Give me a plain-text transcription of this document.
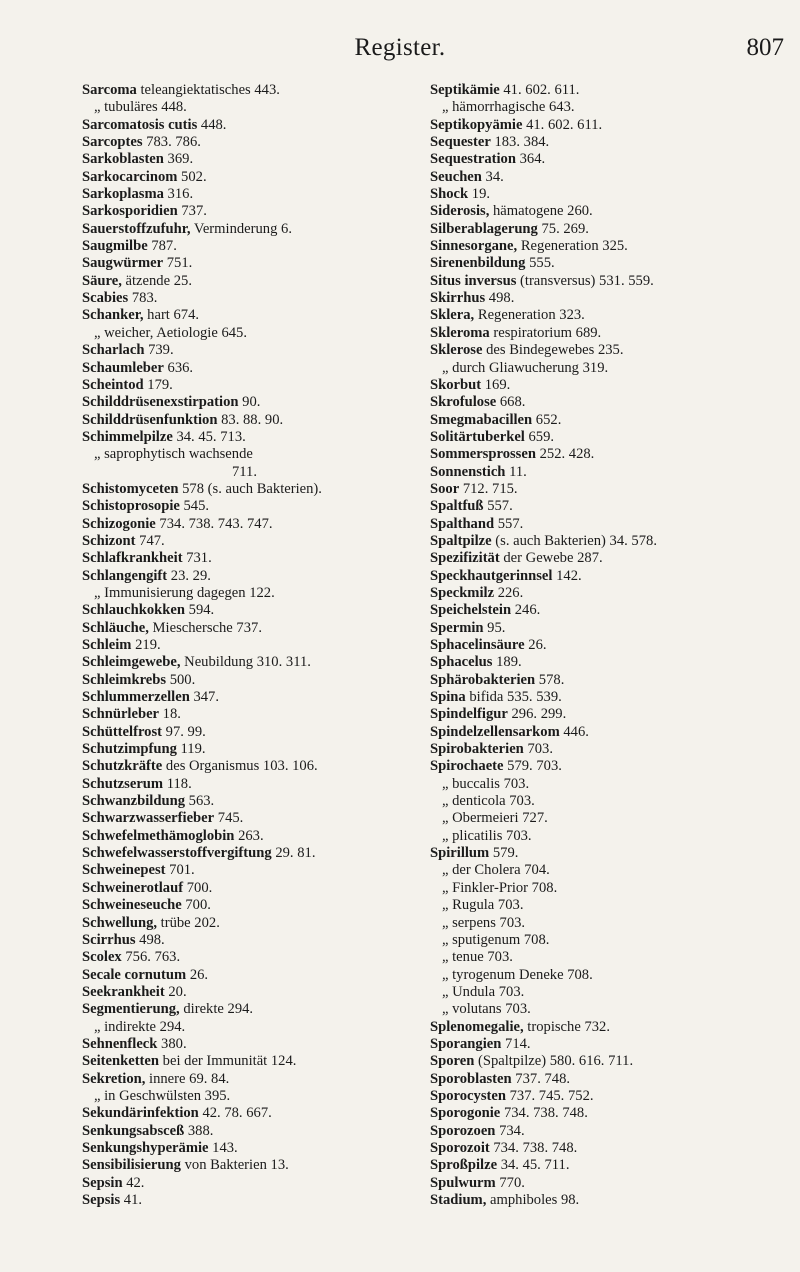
Register.	807
Sarcoma teleangiektatisches 443.
„ tubuläres 448.
Sarcomatosis cutis 448.
Sarcoptes 783. 786.
Sarkoblasten 369.
Sarkocarcinom 502.
Sarkoplasma 316.
Sarkosporidien 737.
Sauerstoffzufuhr, Verminderung 6.
Saugmilbe 787.
Saugwürmer 751.
Säure, ätzende 25.
Scabies 783.
Schanker, hart 674.
„ weicher, Aetiologie 645.
Scharlach 739.
Schaumleber 636.
Scheintod 179.
Schilddrüsenexstirpation 90.
Schilddrüsenfunktion 83. 88. 90.
Schimmelpilze 34. 45. 713.
„ saprophytisch wachsende
711.
Schistomyceten 578 (s. auch Bakterien).
Schistoprosopie 545.
Schizogonie 734. 738. 743. 747.
Schizont 747.
Schlafkrankheit 731.
Schlangengift 23. 29.
„ Immunisierung dagegen 122.
Schlauchkokken 594.
Schläuche, Mieschersche 737.
Schleim 219.
Schleimgewebe, Neubildung 310. 311.
Schleimkrebs 500.
Schlummerzellen 347.
Schnürleber 18.
Schüttelfrost 97. 99.
Schutzimpfung 119.
Schutzkräfte des Organismus 103. 106.
Schutzserum 118.
Schwanzbildung 563.
Schwarzwasserfieber 745.
Schwefelmethämoglobin 263.
Schwefelwasserstoffvergiftung 29. 81.
Schweinepest 701.
Schweinerotlauf 700.
Schweineseuche 700.
Schwellung, trübe 202.
Scirrhus 498.
Scolex 756. 763.
Secale cornutum 26.
Seekrankheit 20.
Segmentierung, direkte 294.
„ indirekte 294.
Sehnenfleck 380.
Seitenketten bei der Immunität 124.
Sekretion, innere 69. 84.
„ in Geschwülsten 395.
Sekundärinfektion 42. 78. 667.
Senkungsabsceß 388.
Senkungshyperämie 143.
Sensibilisierung von Bakterien 13.
Sepsin 42.
Sepsis 41.
Septikämie 41. 602. 611.
„ hämorrhagische 643.
Septikopyämie 41. 602. 611.
Sequester 183. 384.
Sequestration 364.
Seuchen 34.
Shock 19.
Siderosis, hämatogene 260.
Silberablagerung 75. 269.
Sinnesorgane, Regeneration 325.
Sirenenbildung 555.
Situs inversus (transversus) 531. 559.
Skirrhus 498.
Sklera, Regeneration 323.
Skleroma respiratorium 689.
Sklerose des Bindegewebes 235.
„ durch Gliawucherung 319.
Skorbut 169.
Skrofulose 668.
Smegmabacillen 652.
Solitärtuberkel 659.
Sommersprossen 252. 428.
Sonnenstich 11.
Soor 712. 715.
Spaltfuß 557.
Spalthand 557.
Spaltpilze (s. auch Bakterien) 34. 578.
Spezifizität der Gewebe 287.
Speckhautgerinnsel 142.
Speckmilz 226.
Speichelstein 246.
Spermin 95.
Sphacelinsäure 26.
Sphacelus 189.
Sphärobakterien 578.
Spina bifida 535. 539.
Spindelfigur 296. 299.
Spindelzellensarkom 446.
Spirobakterien 703.
Spirochaete 579. 703.
„ buccalis 703.
„ denticola 703.
„ Obermeieri 727.
„ plicatilis 703.
Spirillum 579.
„ der Cholera 704.
„ Finkler-Prior 708.
„ Rugula 703.
„ serpens 703.
„ sputigenum 708.
„ tenue 703.
„ tyrogenum Deneke 708.
„ Undula 703.
„ volutans 703.
Splenomegalie, tropische 732.
Sporangien 714.
Sporen (Spaltpilze) 580. 616. 711.
Sporoblasten 737. 748.
Sporocysten 737. 745. 752.
Sporogonie 734. 738. 748.
Sporozoen 734.
Sporozoit 734. 738. 748.
Sproßpilze 34. 45. 711.
Spulwurm 770.
Stadium, amphiboles 98.
